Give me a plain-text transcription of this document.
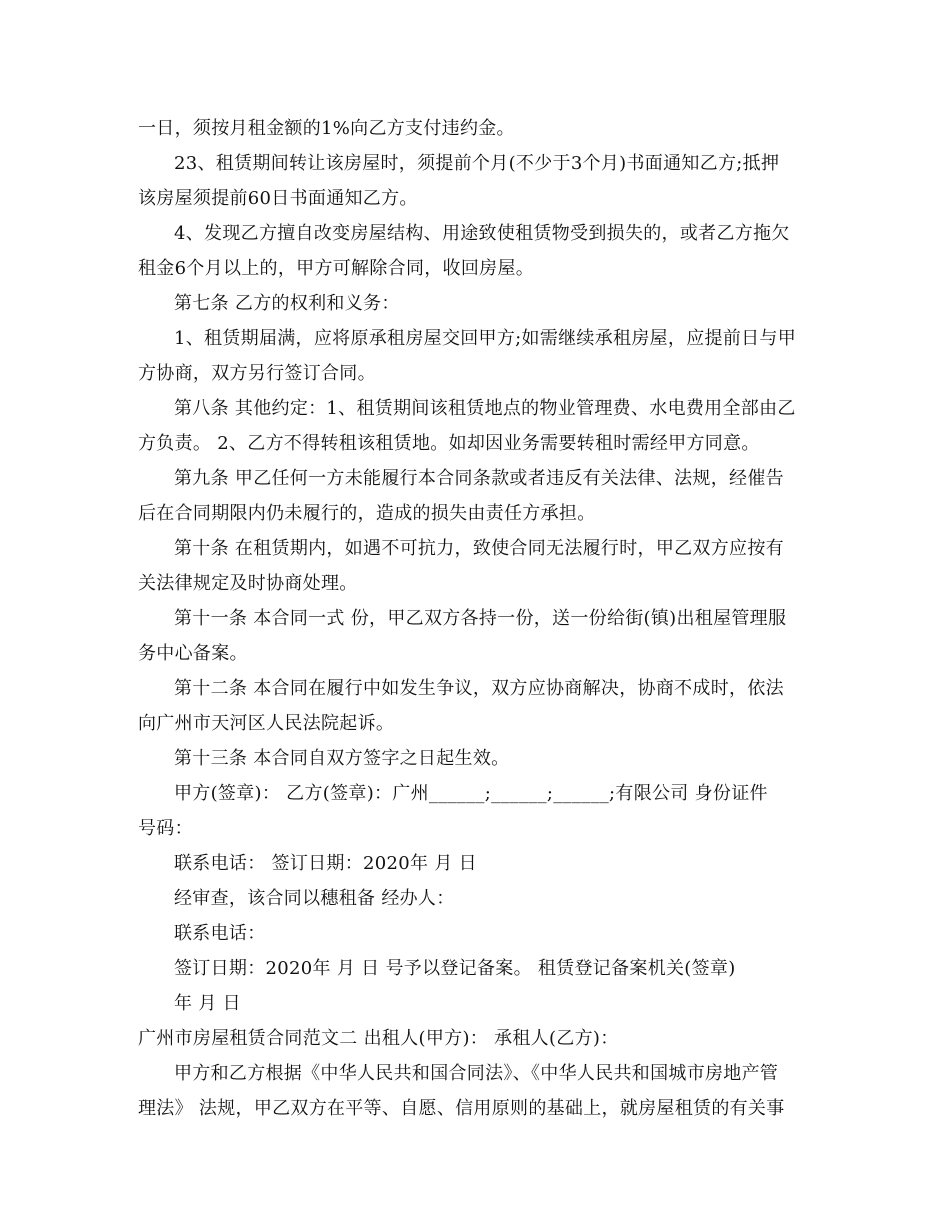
一日，须按月租金额的1%向乙方支付违约金。
23、租赁期间转让该房屋时，须提前个月(不少于3个月)书面通知乙方;抵押
该房屋须提前60日书面通知乙方。
4、发现乙方擅自改变房屋结构、用途致使租赁物受到损失的，或者乙方拖欠
租金6个月以上的，甲方可解除合同，收回房屋。
第七条 乙方的权利和义务：
1、租赁期届满，应将原承租房屋交回甲方;如需继续承租房屋，应提前日与甲
方协商，双方另行签订合同。
第八条 其他约定：1、租赁期间该租赁地点的物业管理费、水电费用全部由乙
方负责。 2、乙方不得转租该租赁地。如却因业务需要转租时需经甲方同意。
第九条 甲乙任何一方未能履行本合同条款或者违反有关法律、法规，经催告
后在合同期限内仍未履行的，造成的损失由责任方承担。
第十条 在租赁期内，如遇不可抗力，致使合同无法履行时，甲乙双方应按有
关法律规定及时协商处理。
第十一条 本合同一式 份，甲乙双方各持一份，送一份给街(镇)出租屋管理服
务中心备案。
第十二条 本合同在履行中如发生争议，双方应协商解决，协商不成时，依法
向广州市天河区人民法院起诉。
第十三条 本合同自双方签字之日起生效。
甲方(签章)： 乙方(签章)：广州______;______;______;有限公司 身份证件
号码：
联系电话： 签订日期：2020年 月 日
经审查，该合同以穗租备 经办人：
联系电话：
签订日期：2020年 月 日 号予以登记备案。 租赁登记备案机关(签章)
年 月 日
广州市房屋租赁合同范文二 出租人(甲方)： 承租人(乙方)：
甲方和乙方根据《中华人民共和国合同法》、《中华人民共和国城市房地产管
理法》 法规，甲乙双方在平等、自愿、信用原则的基础上，就房屋租赁的有关事
